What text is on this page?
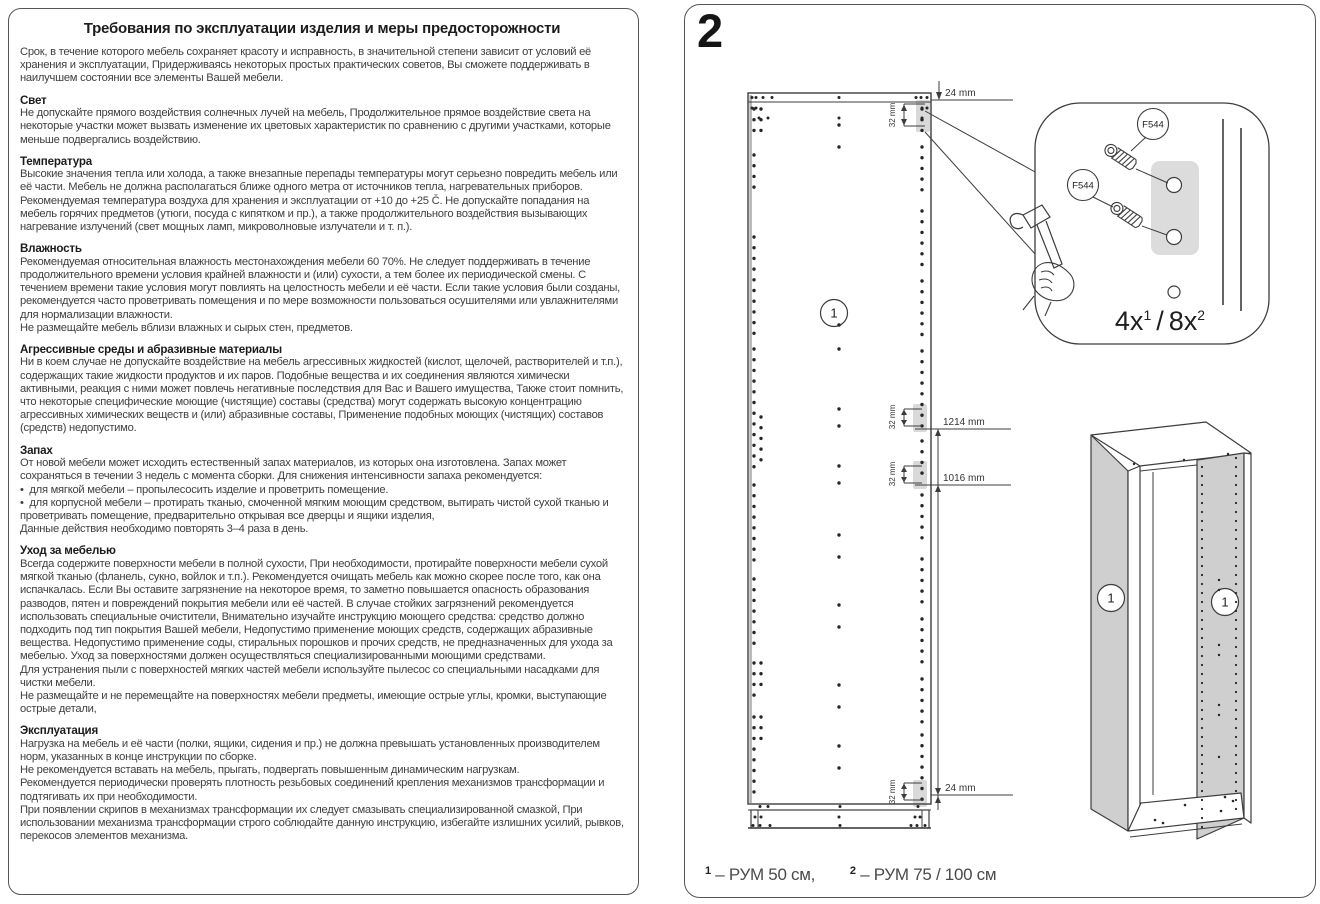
Требования по эксплуатации изделия и меры предосторожности

Срок, в течение которого мебель сохраняет красоту и исправность, в значительной степени зависит от условий её хранения и эксплуатации, Придерживаясь некоторых простых практических советов, Вы сможете поддерживать в наилучшем состоянии все элементы Вашей мебели.

Свет

Не допускайте прямого воздействия солнечных лучей на мебель, Продолжительное прямое воздействие света на некоторые участки может вызвать изменение их цветовых характеристик по сравнению с другими участками, которые меньше подвергались воздействию.

Температура

Высокие значения тепла или холода, а также внезапные перепады температуры могут серьезно повредить мебель или её части. Мебель не должна располагаться ближе одного метра от источников тепла, нагревательных приборов. Рекомендуемая температура воздуха для хранения и эксплуатации от +10 до +25 Č. Не допускайте попадания на мебель горячих предметов (утюги, посуда с кипятком и пр.), а также продолжительного воздействия вызывающих нагревание излучений (свет мощных ламп, микроволновые излучатели и т. п.).

Влажность

Рекомендуемая относительная влажность местонахождения мебели 60 70%. Не следует поддерживать в течение продолжительного времени условия крайней влажности и (или) сухости, а тем более их периодической смены. С течением времени такие условия могут повлиять на целостность мебели и её части. Если такие условия были созданы, рекомендуется часто проветривать помещения и по мере возможности пользоваться осушителями или увлажнителями для нормализации влажности.

Не размещайте мебель вблизи влажных и сырых стен, предметов.

Агрессивные среды и абразивные материалы

Ни в коем случае не допускайте воздействие на мебель агрессивных жидкостей (кислот, щелочей, растворителей и т.п.), содержащих такие жидкости продуктов и их паров. Подобные вещества и их соединения являются химически активными, реакция с ними может повлечь негативные последствия для Вас и Вашего имущества, Также стоит помнить, что некоторые специфические моющие (чистящие) составы (средства) могут содержать высокую концентрацию агрессивных химических веществ и (или) абразивные составы, Применение подобных моющих (чистящих) составов (средств) недопустимо.

Запах

От новой мебели может исходить естественный запах материалов, из которых она изготовлена. Запах может сохраняться в течении 3 недель с момента сборки. Для снижения интенсивности запаха рекомендуется:

•  для мягкой мебели – пропылесосить изделие и проветрить помещение.
•  для корпусной мебели – протирать тканью, смоченной мягким моющим средством, вытирать чистой сухой тканью и проветривать помещение, предварительно открывая все дверцы и ящики изделия,

Данные действия необходимо повторять 3–4 раза в день.

Уход за мебелью

Всегда содержите поверхности мебели в полной сухости, При необходимости, протирайте поверхности мебели сухой мягкой тканью (фланель, сукно, войлок и т.п.). Рекомендуется очищать мебель как можно скорее после того, как она испачкалась. Если Вы оставите загрязнение на некоторое время, то заметно повышается опасность образования разводов, пятен и повреждений покрытия мебели или её частей. В случае стойких загрязнений рекомендуется использовать специальные очистители, Внимательно изучайте инструкцию моющего средства: средство должно подходить под тип покрытия Вашей мебели, Недопустимо применение моющих средств, содержащих абразивные вещества. Недопустимо применение соды, стиральных порошков и прочих средств, не предназначенных для ухода за мебелью. Уход за поверхностями должен осуществляться специализированными моющими средствами.

Для устранения пыли с поверхностей мягких частей мебели используйте пылесос со специальными насадками для чистки мебели.

Не размещайте и не перемещайте на поверхностях мебели предметы, имеющие острые углы, кромки, выступающие острые детали,

Эксплуатация

Нагрузка на мебель и её части (полки, ящики, сидения и пр.) не должна превышать установленных производителем норм, указанных в конце инструкции по сборке.

Не рекомендуется вставать на мебель, прыгать, подвергать повышенным динамическим нагрузкам.

Рекомендуется периодически проверять плотность резьбовых соединений крепления механизмов трансформации и подтягивать их при необходимости.

При появлении скрипов в механизмах трансформации их следует смазывать специализированной смазкой, При использовании механизма трансформации строго соблюдайте данную инструкцию, избегайте излишних усилий, рывков, перекосов элементов механизма.

2
1
24 mm
32 mm
1214 mm
32 mm
1016 mm
32 mm
32 mm	24 mm
F544
F544
1	1
$4x^1 / 8x^2$
$^1$ – РУМ 50 см,	$^2$ – РУМ 75 / 100 см
